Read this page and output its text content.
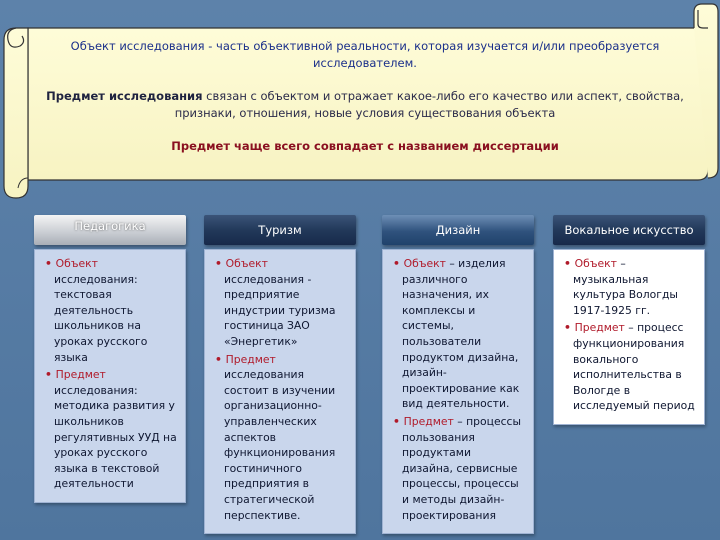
Объект исследования - часть объективной реальности, которая изучается и/или преобразуется исследователем.

Предмет исследования связан с объектом и отражает какое-либо его качество или аспект, свойства, признаки, отношения, новые условия существования объекта

Предмет чаще всего совпадает с названием диссертации

Педагогика
• Объект исследования: текстовая деятельность школьников на уроках русского языка
• Предмет исследования: методика развития у школьников регулятивных УУД на уроках русского языка в текстовой деятельности
Туризм
• Объект исследования - предприятие индустрии туризма гостиница ЗАО «Энергетик»
• Предмет исследования состоит в изучении организационно-управленческих аспектов функционирования гостиничного предприятия в стратегической перспективе.
Дизайн
• Объект – изделия различного назначения, их комплексы и системы, пользователи продуктом дизайна, дизайн-проектирование как вид деятельности.
• Предмет – процессы пользования продуктами дизайна, сервисные процессы, процессы и методы дизайн-проектирования
Вокальное искусство
• Объект – музыкальная культура Вологды 1917-1925 гг.
• Предмет – процесс функционирования вокального исполнительства в Вологде в исследуемый период
